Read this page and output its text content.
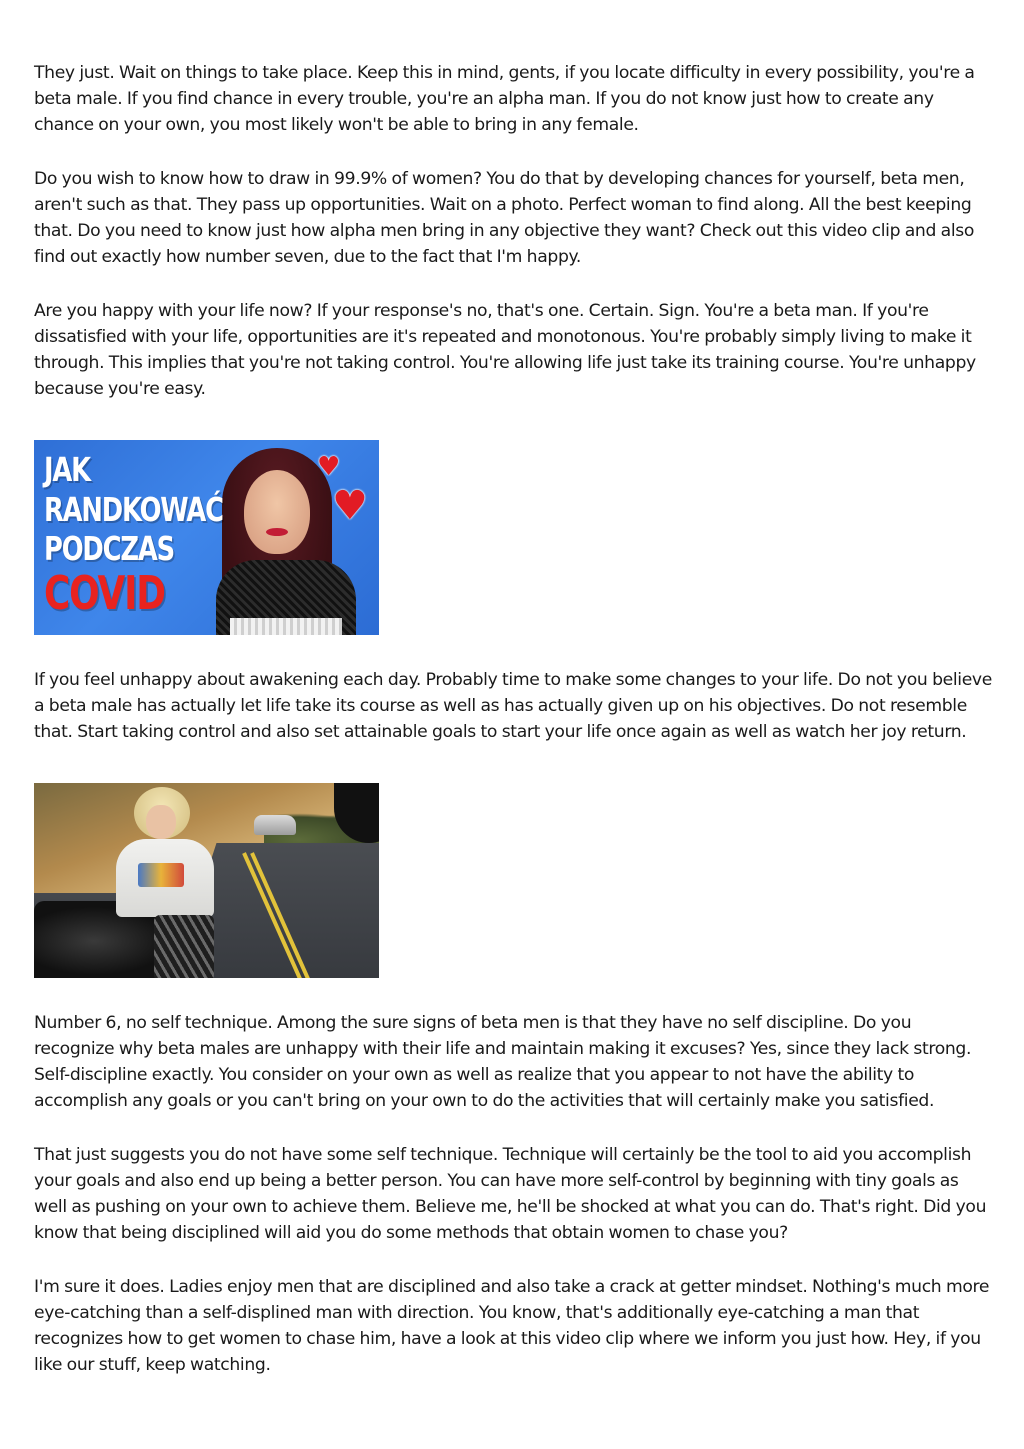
They just. Wait on things to take place. Keep this in mind, gents, if you locate difficulty in every possibility, you're a beta male. If you find chance in every trouble, you're an alpha man. If you do not know just how to create any chance on your own, you most likely won't be able to bring in any female.

Do you wish to know how to draw in 99.9% of women? You do that by developing chances for yourself, beta men, aren't such as that. They pass up opportunities. Wait on a photo. Perfect woman to find along. All the best keeping that. Do you need to know just how alpha men bring in any objective they want? Check out this video clip and also find out exactly how number seven, due to the fact that I'm happy.

Are you happy with your life now? If your response's no, that's one. Certain. Sign. You're a beta man. If you're dissatisfied with your life, opportunities are it's repeated and monotonous. You're probably simply living to make it through. This implies that you're not taking control. You're allowing life just take its training course. You're unhappy because you're easy.

♥
♥
JAK
RANDKOWAĆ
PODCZAS
COVID

If you feel unhappy about awakening each day. Probably time to make some changes to your life. Do not you believe a beta male has actually let life take its course as well as has actually given up on his objectives. Do not resemble that. Start taking control and also set attainable goals to start your life once again as well as watch her joy return.

Number 6, no self technique. Among the sure signs of beta men is that they have no self discipline. Do you recognize why beta males are unhappy with their life and maintain making it excuses? Yes, since they lack strong. Self-discipline exactly. You consider on your own as well as realize that you appear to not have the ability to accomplish any goals or you can't bring on your own to do the activities that will certainly make you satisfied.

That just suggests you do not have some self technique. Technique will certainly be the tool to aid you accomplish your goals and also end up being a better person. You can have more self-control by beginning with tiny goals as well as pushing on your own to achieve them. Believe me, he'll be shocked at what you can do. That's right. Did you know that being disciplined will aid you do some methods that obtain women to chase you?

I'm sure it does. Ladies enjoy men that are disciplined and also take a crack at getter mindset. Nothing's much more eye-catching than a self-displined man with direction. You know, that's additionally eye-catching a man that recognizes how to get women to chase him, have a look at this video clip where we inform you just how. Hey, if you like our stuff, keep watching.
